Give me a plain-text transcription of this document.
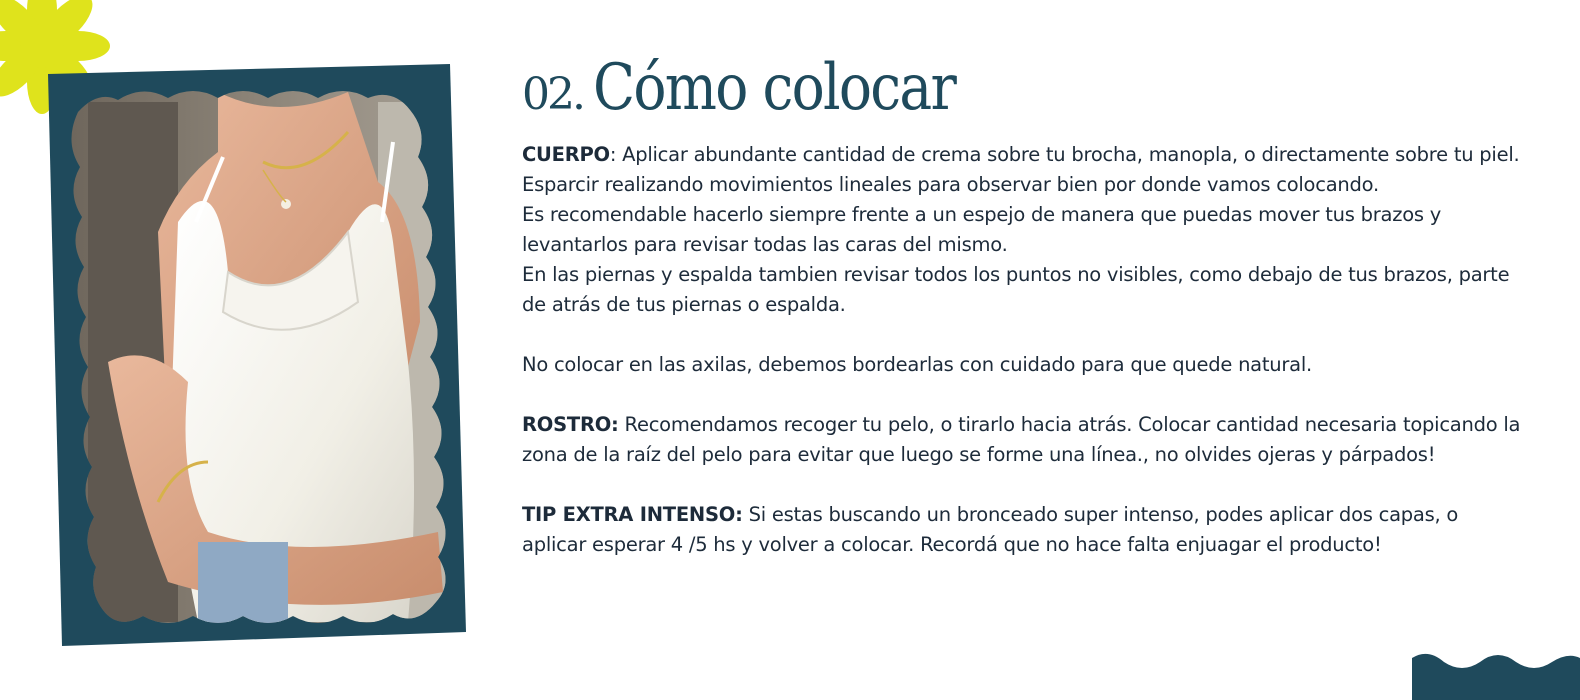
02. Cómo colocar

CUERPO: Aplicar abundante cantidad de crema sobre tu brocha, manopla, o directamente sobre tu piel.

Esparcir realizando movimientos lineales para observar bien por donde vamos colocando.

Es recomendable hacerlo siempre frente a un espejo de manera que puedas mover tus brazos y levantarlos para revisar todas las caras del mismo.

En las piernas y espalda tambien revisar todos los puntos no visibles, como debajo de tus brazos, parte de atrás de tus piernas o espalda.

No colocar en las axilas, debemos bordearlas con cuidado para que quede natural.

ROSTRO: Recomendamos recoger tu pelo, o tirarlo hacia atrás. Colocar cantidad necesaria topicando la zona de la raíz del pelo para evitar que luego se forme una línea., no olvides ojeras y párpados!

TIP EXTRA INTENSO: Si estas buscando un bronceado super intenso, podes aplicar dos capas, o aplicar esperar 4 /5 hs y volver a colocar. Recordá que no hace falta enjuagar el producto!
